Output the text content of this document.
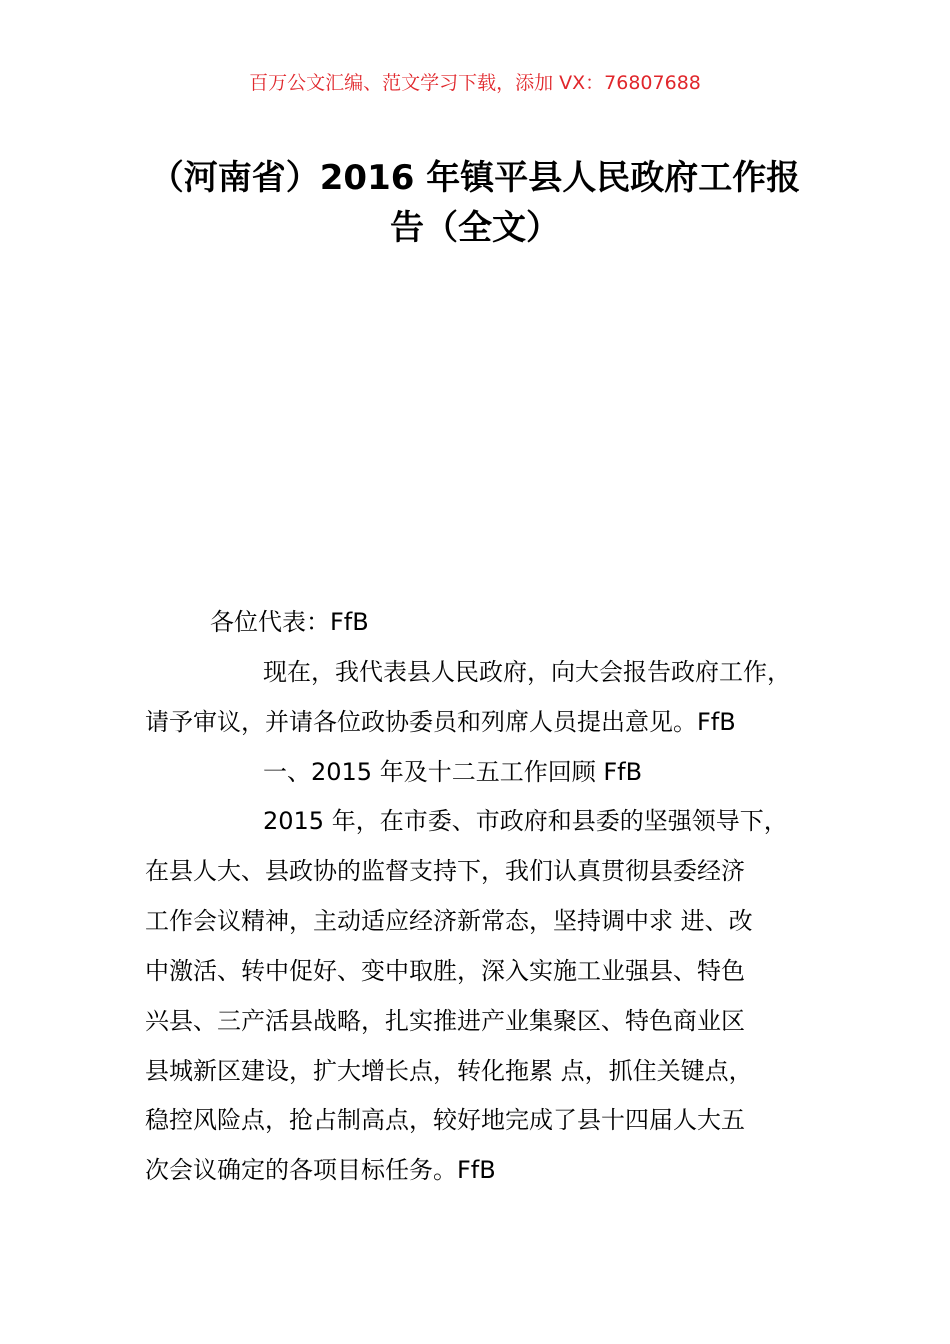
百万公文汇编、范文学习下载，添加 VX：76807688
（河南省）2016 年镇平县人民政府工作报
告（全文）
各位代表：FfB
现在，我代表县人民政府，向大会报告政府工作，
请予审议，并请各位政协委员和列席人员提出意见。FfB
一、2015 年及十二五工作回顾 FfB
2015 年，在市委、市政府和县委的坚强领导下，
在县人大、县政协的监督支持下，我们认真贯彻县委经济
工作会议精神，主动适应经济新常态，坚持调中求 进、改
中激活、转中促好、变中取胜，深入实施工业强县、特色
兴县、三产活县战略，扎实推进产业集聚区、特色商业区
县城新区建设，扩大增长点，转化拖累 点，抓住关键点，
稳控风险点，抢占制高点，较好地完成了县十四届人大五
次会议确定的各项目标任务。FfB
